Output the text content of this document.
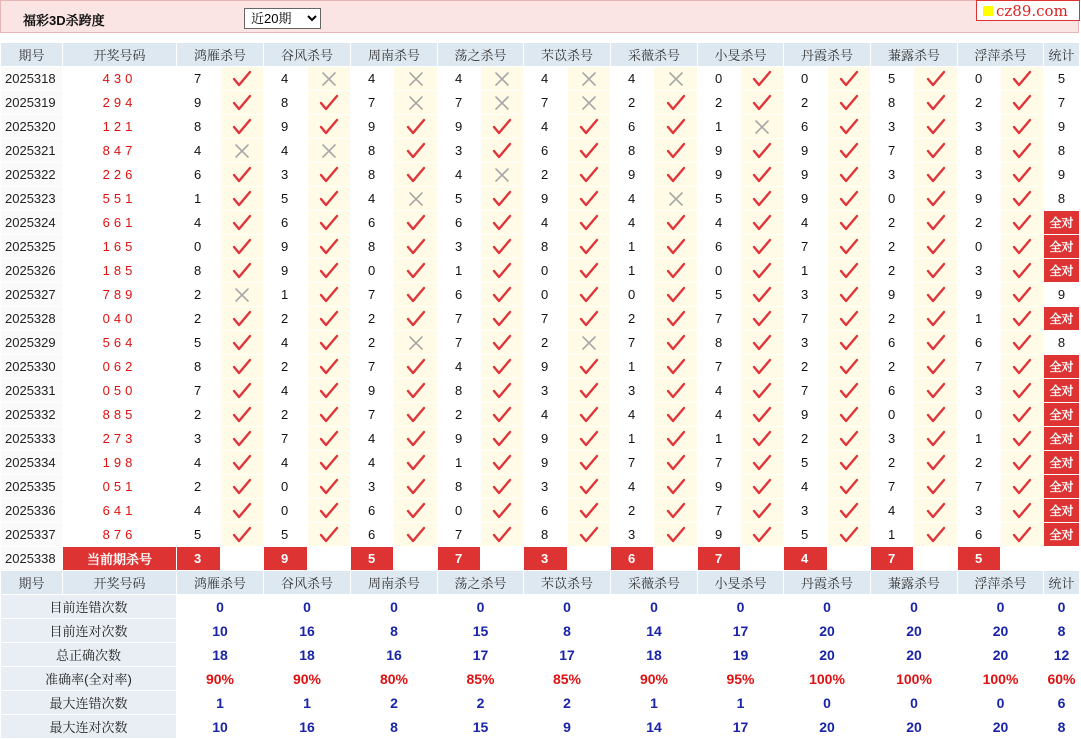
福彩3D杀跨度
近20期
cz89.com
期号	开奖号码	鸿雁杀号		谷风杀号		周南杀号		荡之杀号		芣苡杀号		采薇杀号		小旻杀号		丹霞杀号		蒹露杀号		浮萍杀号		统计
2025318	430	7		4		4		4		4		4		0		0		5		0		5
2025319	294	9		8		7		7		7		2		2		2		8		2		7
2025320	121	8		9		9		9		4		6		1		6		3		3		9
2025321	847	4		4		8		3		6		8		9		9		7		8		8
2025322	226	6		3		8		4		2		9		9		9		3		3		9
2025323	551	1		5		4		5		9		4		5		9		0		9		8
2025324	661	4		6		6		6		4		4		4		4		2		2		全对
2025325	165	0		9		8		3		8		1		6		7		2		0		全对
2025326	185	8		9		0		1		0		1		0		1		2		3		全对
2025327	789	2		1		7		6		0		0		5		3		9		9		9
2025328	040	2		2		2		7		7		2		7		7		2		1		全对
2025329	564	5		4		2		7		2		7		8		3		6		6		8
2025330	062	8		2		7		4		9		1		7		2		2		7		全对
2025331	050	7		4		9		8		3		3		4		7		6		3		全对
2025332	885	2		2		7		2		4		4		4		9		0		0		全对
2025333	273	3		7		4		9		9		1		1		2		3		1		全对
2025334	198	4		4		4		1		9		7		7		5		2		2		全对
2025335	051	2		0		3		8		3		4		9		4		7		7		全对
2025336	641	4		0		6		0		6		2		7		3		4		3		全对
2025337	876	5		5		6		7		8		3		9		5		1		6		全对
2025338	当前期杀号	3		9		5		7		3		6		7		4		7		5		
期号	开奖号码	鸿雁杀号		谷风杀号		周南杀号		荡之杀号		芣苡杀号		采薇杀号		小旻杀号		丹霞杀号		蒹露杀号		浮萍杀号		统计
目前连错次数		0		0		0		0		0		0		0		0		0		0		0
目前连对次数		10		16		8		15		8		14		17		20		20		20		8
总正确次数		18		18		16		17		17		18		19		20		20		20		12
准确率(全对率)		90%		90%		80%		85%		85%		90%		95%		100%		100%		100%		60%
最大连错次数		1		1		2		2		2		1		1		0		0		0		6
最大连对次数		10		16		8		15		9		14		17		20		20		20		8
